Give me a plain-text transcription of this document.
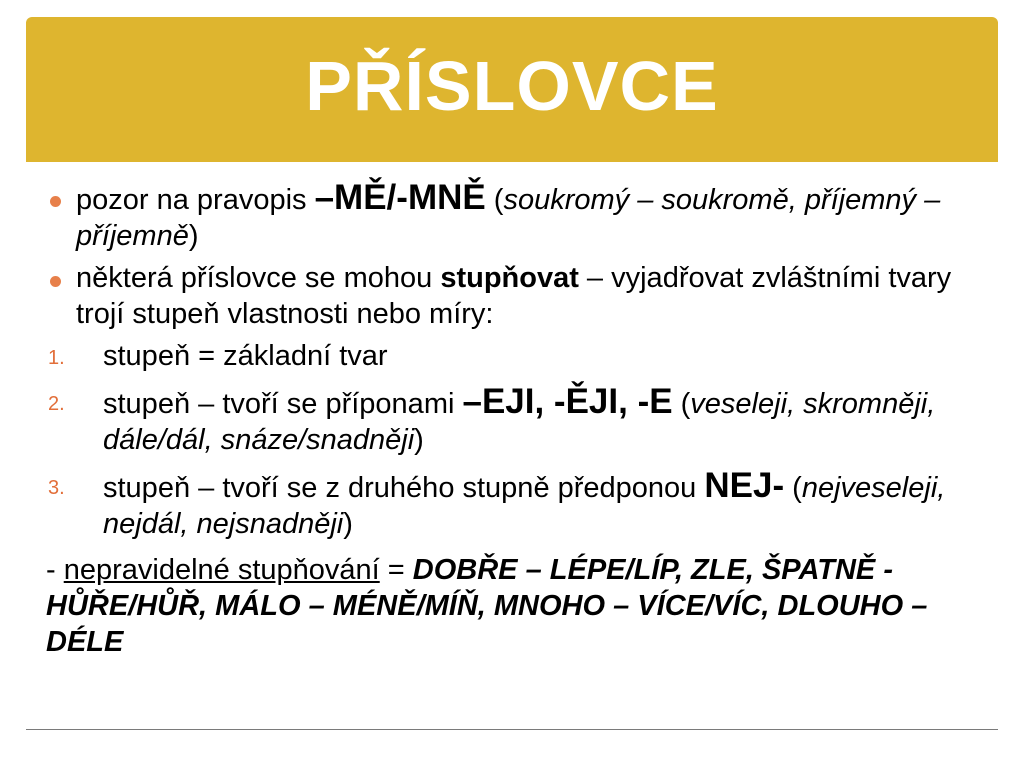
PŘÍSLOVCE
pozor na pravopis –MĚ/-MNĚ (soukromý – soukromě, příjemný – příjemně)
některá příslovce se mohou stupňovat – vyjadřovat zvláštními tvary trojí stupeň vlastnosti nebo míry:
1. stupeň = základní tvar
2. stupeň – tvoří se příponami –EJI, -ĚJI, -E (veseleji, skromněji, dále/dál, snáze/snadněji)
3. stupeň – tvoří se z druhého stupně předponou NEJ- (nejveseleji, nejdál, nejsnadněji)
- nepravidelné stupňování = DOBŘE – LÉPE/LÍP, ZLE, ŠPATNĚ - HŮŘE/HŮŘ, MÁLO – MÉNĚ/MÍŇ, MNOHO – VÍCE/VÍC, DLOUHO – DÉLE
